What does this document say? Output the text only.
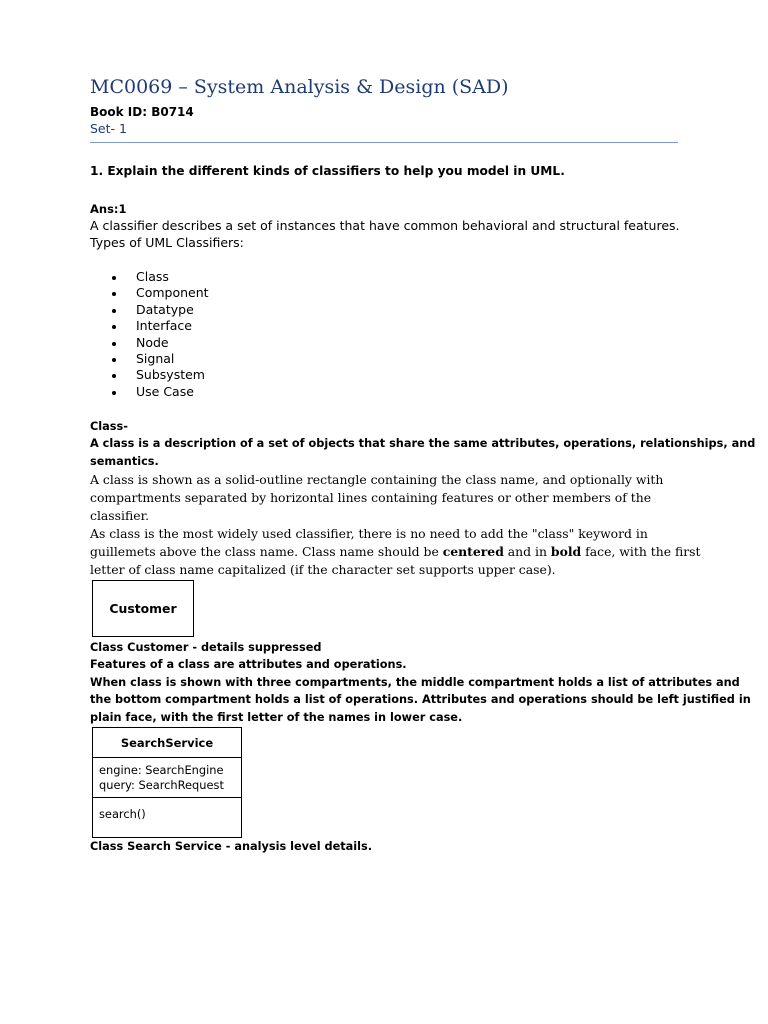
MC0069 – System Analysis & Design (SAD)
Book ID: B0714
Set- 1
1. Explain the different kinds of classifiers to help you model in UML.
Ans:1
A classifier describes a set of instances that have common behavioral and structural features.
Types of UML Classifiers:
Class
Component
Datatype
Interface
Node
Signal
Subsystem
Use Case
Class-
A class is a description of a set of objects that share the same attributes, operations, relationships, and
semantics.
A class is shown as a solid-outline rectangle containing the class name, and optionally with
compartments separated by horizontal lines containing features or other members of the
classifier.
As class is the most widely used classifier, there is no need to add the "class" keyword in
guillemets above the class name. Class name should be centered and in bold face, with the first
letter of class name capitalized (if the character set supports upper case).
Customer
Class Customer - details suppressed
Features of a class are attributes and operations.
When class is shown with three compartments, the middle compartment holds a list of attributes and
the bottom compartment holds a list of operations. Attributes and operations should be left justified in
plain face, with the first letter of the names in lower case.
SearchService
engine: SearchEngine
query: SearchRequest
search()
Class Search Service - analysis level details.
